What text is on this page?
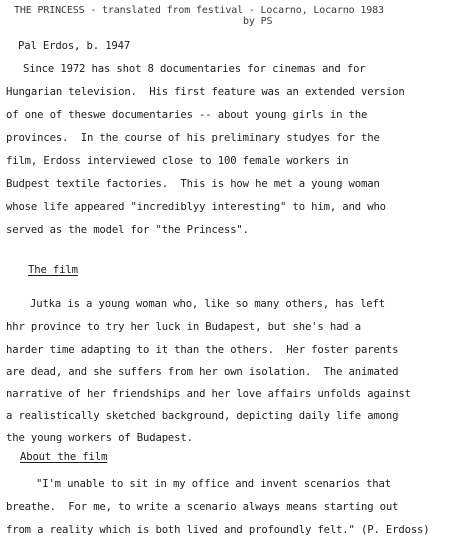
THE PRINCESS - translated from festival - Locarno, Locarno 1983
by PS
Pal Erdos, b. 1947
Since 1972 has shot 8 documentaries for cinemas and for
Hungarian television.  His first feature was an extended version
of one of theswe documentaries -- about young girls in the
provinces.  In the course of his preliminary studyes for the
film, Erdoss interviewed close to 100 female workers in
Budpest textile factories.  This is how he met a young woman
whose life appeared "incrediblyy interesting" to him, and who
served as the model for "the Princess".
The film
Jutka is a young woman who, like so many others, has left
hhr province to try her luck in Budapest, but she's had a
harder time adapting to it than the others.  Her foster parents
are dead, and she suffers from her own isolation.  The animated
narrative of her friendships and her love affairs unfolds against
a realistically sketched background, depicting daily life among
the young workers of Budapest.
About the film
"I'm unable to sit in my office and invent scenarios that
breathe.  For me, to write a scenario always means starting out
from a reality which is both lived and profoundly felt." (P. Erdoss)
